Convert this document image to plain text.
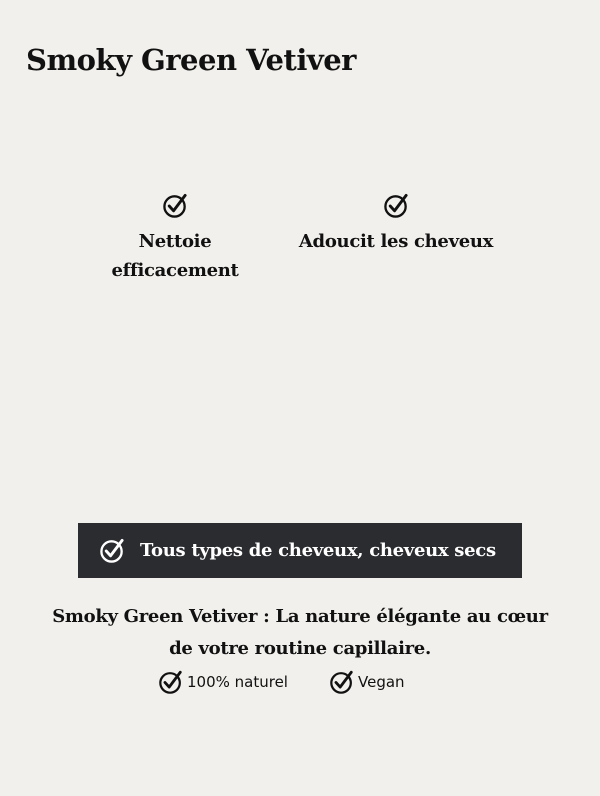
Smoky Green Vetiver
Nettoie efficacement
Adoucit les cheveux
Tous types de cheveux, cheveux secs

Smoky Green Vetiver : La nature élégante au cœur de votre routine capillaire.

100% naturel	Vegan
